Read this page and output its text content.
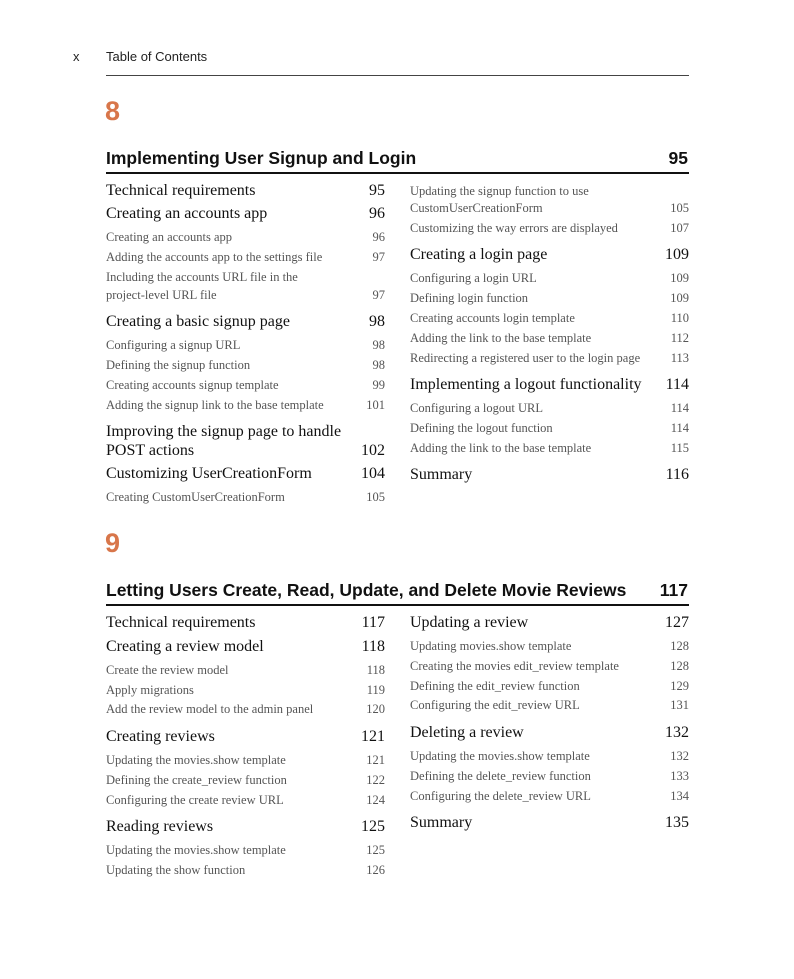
x Table of Contents
8
Implementing User Signup and Login	95
Technical requirements	95
Creating an accounts app	96
Creating an accounts app	96
Adding the accounts app to the settings file	97
Including the accounts URL file in the
project-level URL file	97
Creating a basic signup page	98
Configuring a signup URL	98
Defining the signup function	98
Creating accounts signup template	99
Adding the signup link to the base template	101
Improving the signup page to handle
POST actions	102
Customizing UserCreationForm	104
Creating CustomUserCreationForm	105
Updating the signup function to use
CustomUserCreationForm	105
Customizing the way errors are displayed	107
Creating a login page	109
Configuring a login URL	109
Defining login function	109
Creating accounts login template	110
Adding the link to the base template	112
Redirecting a registered user to the login page 113
Implementing a logout functionality 114
Configuring a logout URL	114
Defining the logout function	114
Adding the link to the base template	115
Summary	116
9
Letting Users Create, Read, Update, and Delete Movie Reviews 117
Technical requirements	117
Creating a review model	118
Create the review model	118
Apply migrations	119
Add the review model to the admin panel	120
Creating reviews	121
Updating the movies.show template	121
Defining the create_review function	122
Configuring the create review URL	124
Reading reviews	125
Updating the movies.show template	125
Updating the show function	126
Updating a review	127
Updating movies.show template	128
Creating the movies edit_review template	128
Defining the edit_review function	129
Configuring the edit_review URL	131
Deleting a review	132
Updating the movies.show template	132
Defining the delete_review function	133
Configuring the delete_review URL	134
Summary	135
